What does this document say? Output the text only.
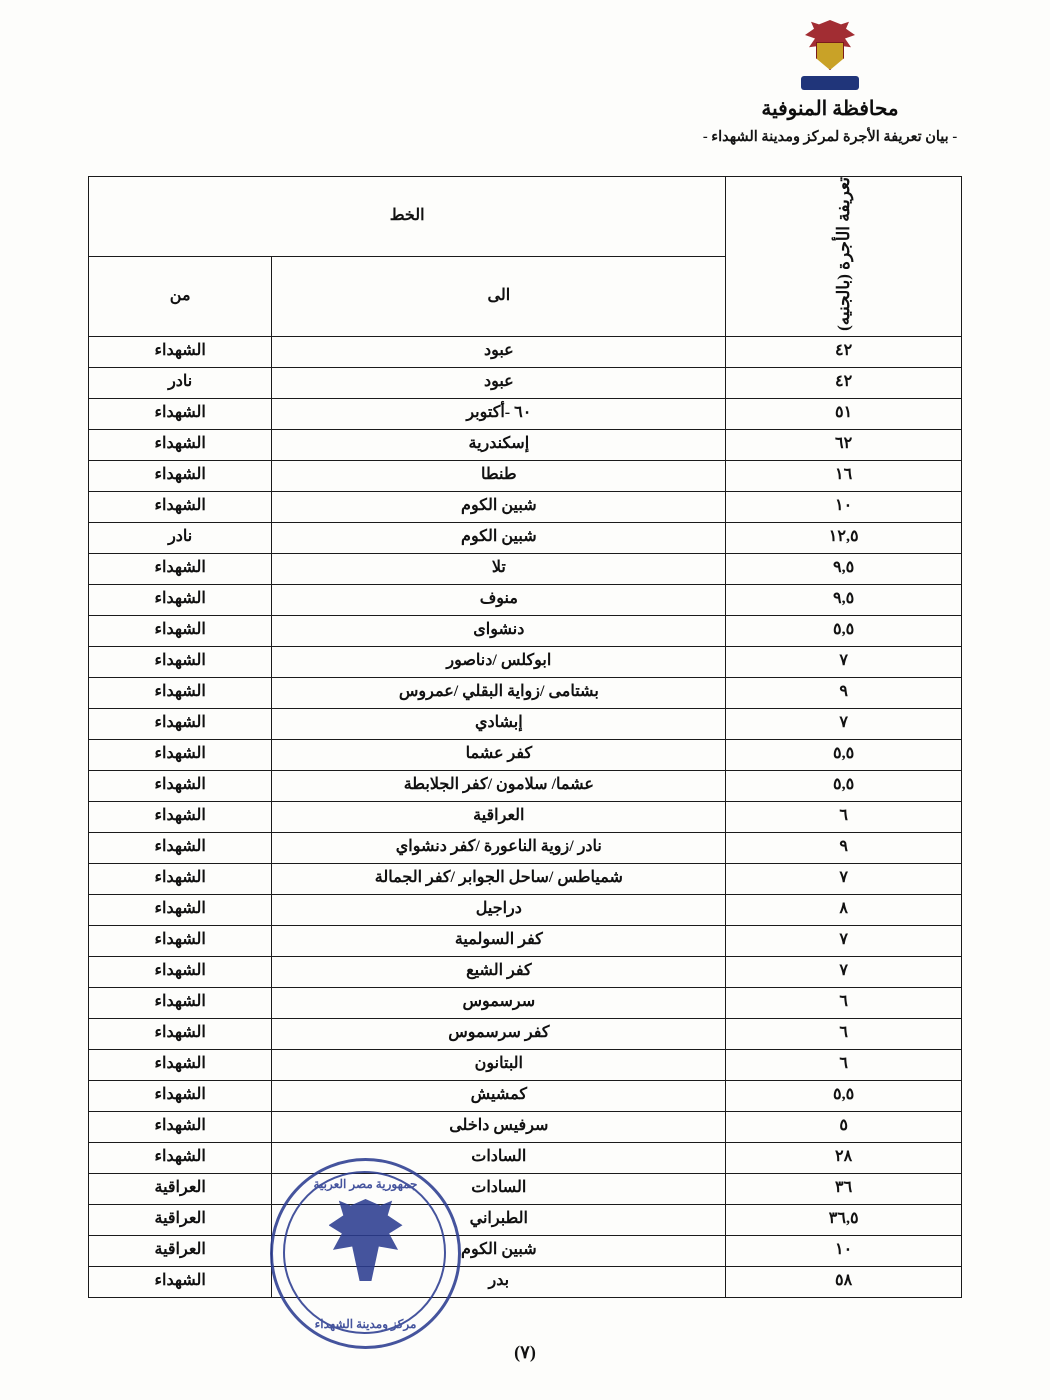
محافظة المنوفية
- بيان تعريفة الأجرة لمركز ومدينة الشهداء -
تعريفة الأجرة (بالجنيه)	الخط	
	الى	من
٤٢	عبود	الشهداء
٤٢	عبود	نادر
٥١	٦٠ -أكتوبر	الشهداء
٦٢	إسكندرية	الشهداء
١٦	طنطا	الشهداء
١٠	شبين الكوم	الشهداء
١٢,٥	شبين الكوم	نادر
٩,٥	تلا	الشهداء
٩,٥	منوف	الشهداء
٥,٥	دنشواى	الشهداء
٧	ابوكلس /دناصور	الشهداء
٩	بشتامى /زواية البقلي /عمروس	الشهداء
٧	إبشادي	الشهداء
٥,٥	كفر عشما	الشهداء
٥,٥	عشما/ سلامون /كفر الجلابطة	الشهداء
٦	العراقية	الشهداء
٩	نادر /زوية الناعورة /كفر دنشواي	الشهداء
٧	شمياطس /ساحل الجوابر /كفر الجمالة	الشهداء
٨	دراجيل	الشهداء
٧	كفر السولمية	الشهداء
٧	كفر الشيع	الشهداء
٦	سرسموس	الشهداء
٦	كفر سرسموس	الشهداء
٦	البتانون	الشهداء
٥,٥	كمشيش	الشهداء
٥	سرفيس داخلى	الشهداء
٢٨	السادات	الشهداء
٣٦	السادات	العراقية
٣٦,٥	الطبراني	العراقية
١٠	شبين الكوم	العراقية
٥٨	بدر	الشهداء
جمهورية مصر العربية
مركز ومدينة الشهداء
(٧)
